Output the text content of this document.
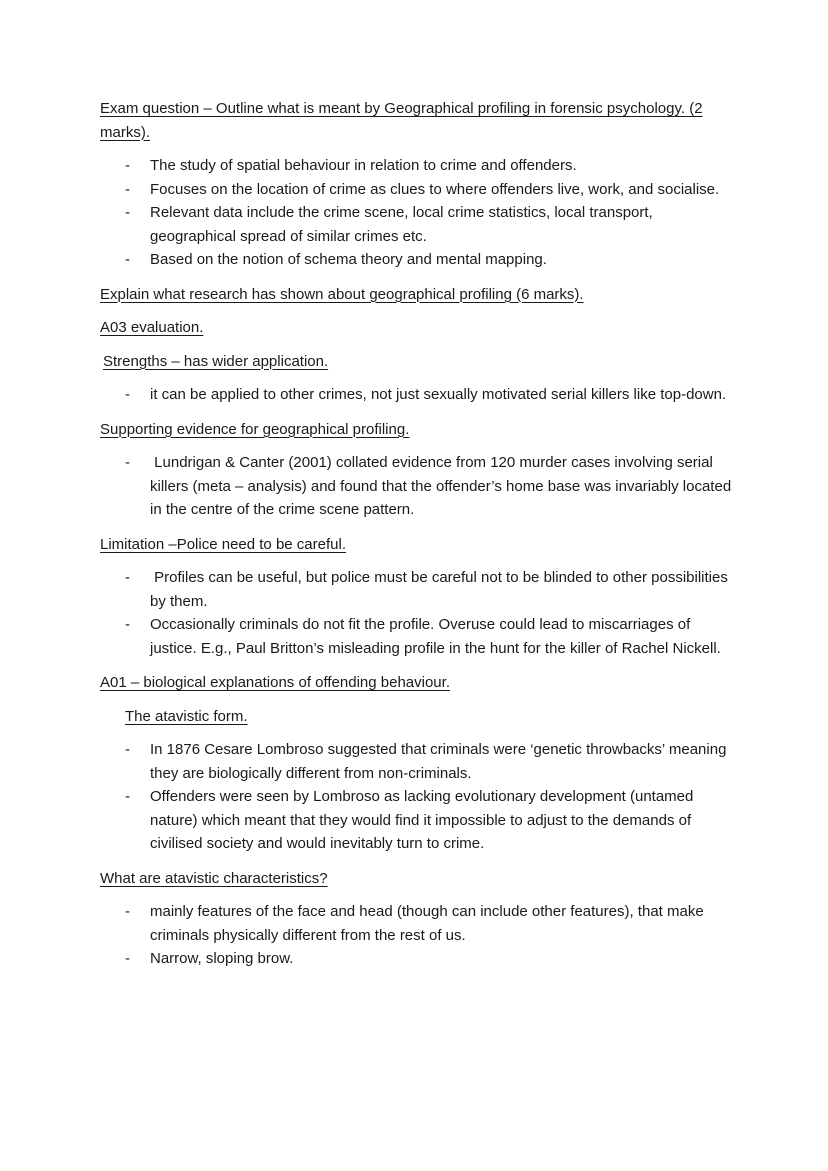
Exam question – Outline what is meant by Geographical profiling in forensic psychology. (2 marks).

- The study of spatial behaviour in relation to crime and offenders.
- Focuses on the location of crime as clues to where offenders live, work, and socialise.
- Relevant data include the crime scene, local crime statistics, local transport, geographical spread of similar crimes etc.
- Based on the notion of schema theory and mental mapping.

Explain what research has shown about geographical profiling (6 marks).

A03 evaluation.

Strengths – has wider application.

- it can be applied to other crimes, not just sexually motivated serial killers like top-down.

Supporting evidence for geographical profiling.

- Lundrigan & Canter (2001) collated evidence from 120 murder cases involving serial killers (meta – analysis) and found that the offender’s home base was invariably located in the centre of the crime scene pattern.

Limitation –Police need to be careful.

- Profiles can be useful, but police must be careful not to be blinded to other possibilities by them.
- Occasionally criminals do not fit the profile. Overuse could lead to miscarriages of justice. E.g., Paul Britton’s misleading profile in the hunt for the killer of Rachel Nickell.

A01 – biological explanations of offending behaviour.

The atavistic form.

- In 1876 Cesare Lombroso suggested that criminals were ‘genetic throwbacks’ meaning they are biologically different from non-criminals.
- Offenders were seen by Lombroso as lacking evolutionary development (untamed nature) which meant that they would find it impossible to adjust to the demands of civilised society and would inevitably turn to crime.

What are atavistic characteristics?

- mainly features of the face and head (though can include other features), that make criminals physically different from the rest of us.
- Narrow, sloping brow.
